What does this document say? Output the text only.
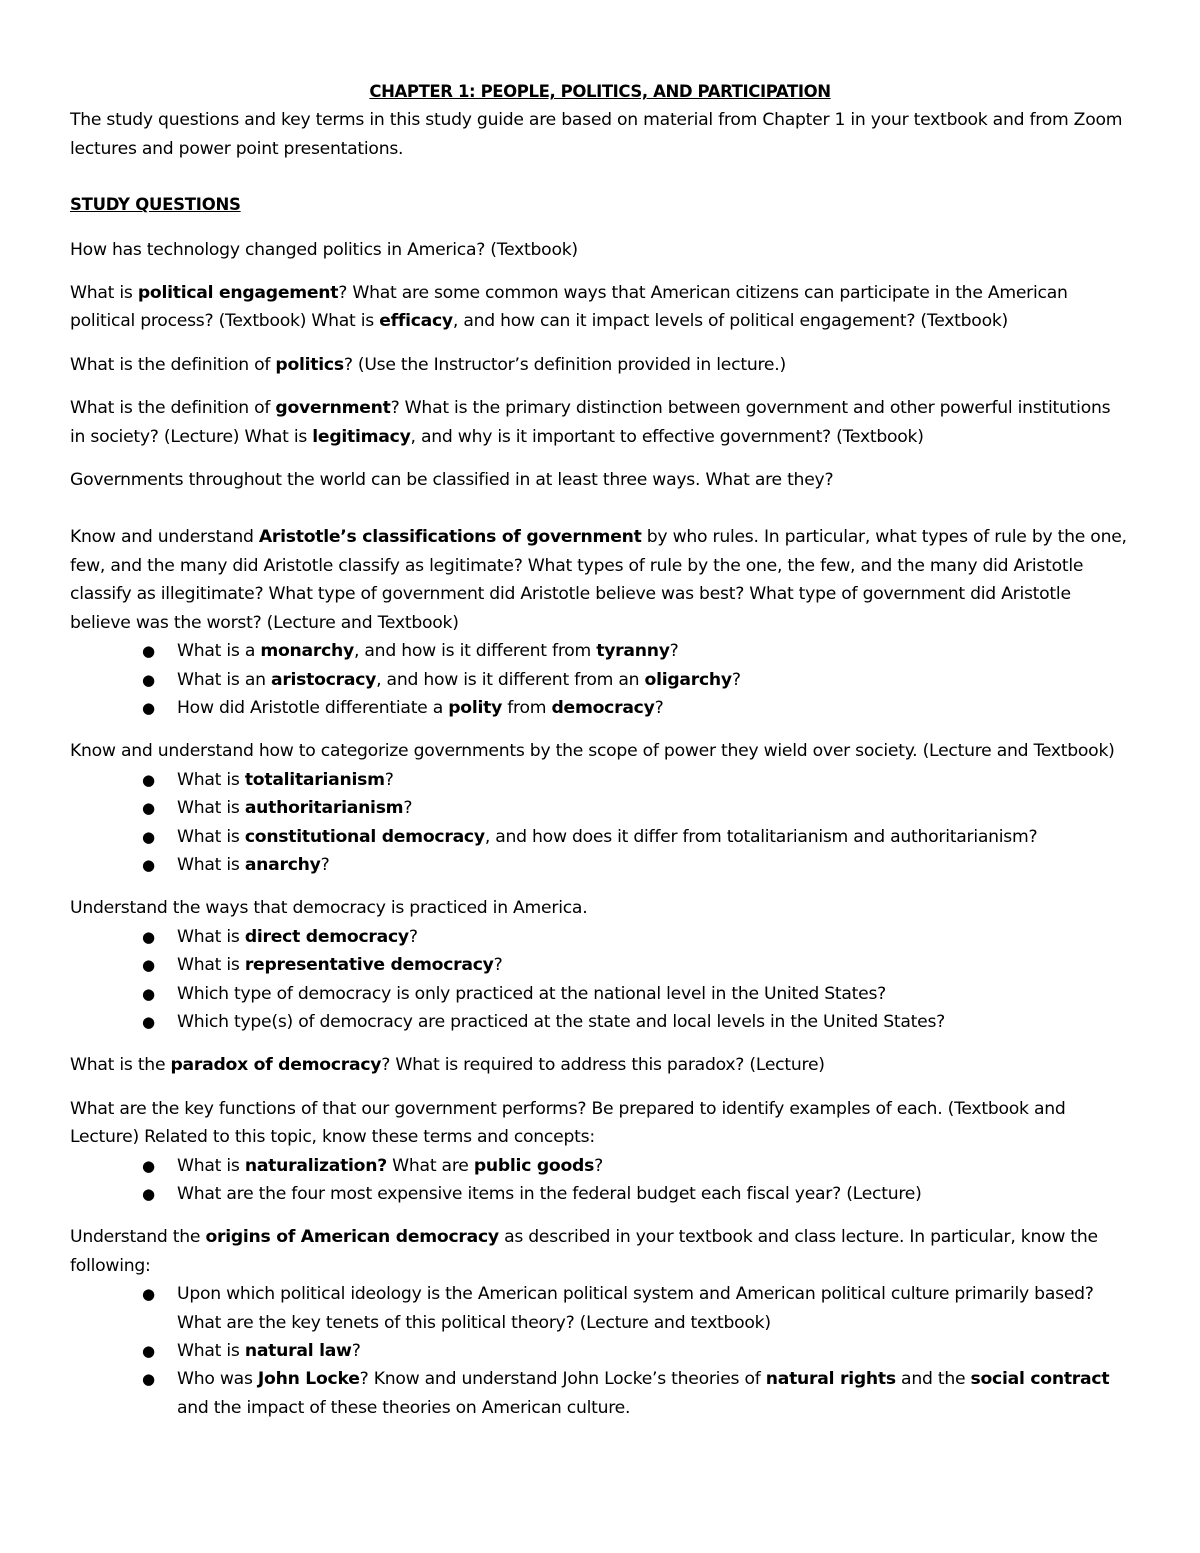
CHAPTER 1: PEOPLE, POLITICS, AND PARTICIPATION

The study questions and key terms in this study guide are based on material from Chapter 1 in your textbook and from Zoom lectures and power point presentations.

STUDY QUESTIONS

How has technology changed politics in America? (Textbook)

What is political engagement? What are some common ways that American citizens can participate in the American political process? (Textbook) What is efficacy, and how can it impact levels of political engagement? (Textbook)

What is the definition of politics? (Use the Instructor’s definition provided in lecture.)

What is the definition of government? What is the primary distinction between government and other powerful institutions in society? (Lecture) What is legitimacy, and why is it important to effective government? (Textbook)

Governments throughout the world can be classified in at least three ways. What are they?

Know and understand Aristotle’s classifications of government by who rules. In particular, what types of rule by the one, few, and the many did Aristotle classify as legitimate? What types of rule by the one, the few, and the many did Aristotle classify as illegitimate? What type of government did Aristotle believe was best? What type of government did Aristotle believe was the worst? (Lecture and Textbook)

● What is a monarchy, and how is it different from tyranny?
● What is an aristocracy, and how is it different from an oligarchy?
● How did Aristotle differentiate a polity from democracy?

Know and understand how to categorize governments by the scope of power they wield over society. (Lecture and Textbook)

● What is totalitarianism?
● What is authoritarianism?
● What is constitutional democracy, and how does it differ from totalitarianism and authoritarianism?
● What is anarchy?

Understand the ways that democracy is practiced in America.

● What is direct democracy?
● What is representative democracy?
● Which type of democracy is only practiced at the national level in the United States?
● Which type(s) of democracy are practiced at the state and local levels in the United States?

What is the paradox of democracy? What is required to address this paradox? (Lecture)

What are the key functions of that our government performs? Be prepared to identify examples of each. (Textbook and Lecture) Related to this topic, know these terms and concepts:

● What is naturalization? What are public goods?
● What are the four most expensive items in the federal budget each fiscal year? (Lecture)

Understand the origins of American democracy as described in your textbook and class lecture. In particular, know the following:

● Upon which political ideology is the American political system and American political culture primarily based? What are the key tenets of this political theory? (Lecture and textbook)
● What is natural law?
● Who was John Locke? Know and understand John Locke’s theories of natural rights and the social contract and the impact of these theories on American culture.
